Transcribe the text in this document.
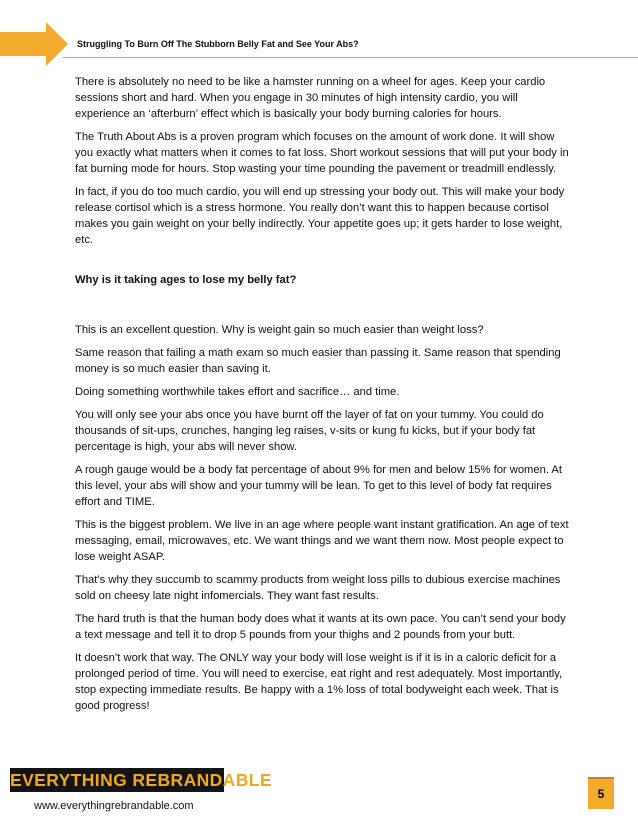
Struggling To Burn Off The Stubborn Belly Fat and See Your Abs?

There is absolutely no need to be like a hamster running on a wheel for ages. Keep your cardio sessions short and hard. When you engage in 30 minutes of high intensity cardio, you will experience an ‘afterburn’ effect which is basically your body burning calories for hours.

The Truth About Abs is a proven program which focuses on the amount of work done. It will show you exactly what matters when it comes to fat loss. Short workout sessions that will put your body in fat burning mode for hours. Stop wasting your time pounding the pavement or treadmill endlessly.

In fact, if you do too much cardio, you will end up stressing your body out. This will make your body release cortisol which is a stress hormone. You really don’t want this to happen because cortisol makes you gain weight on your belly indirectly. Your appetite goes up; it gets harder to lose weight, etc.

Why is it taking ages to lose my belly fat?

This is an excellent question. Why is weight gain so much easier than weight loss?

Same reason that failing a math exam so much easier than passing it. Same reason that spending money is so much easier than saving it.

Doing something worthwhile takes effort and sacrifice… and time.

You will only see your abs once you have burnt off the layer of fat on your tummy. You could do thousands of sit-ups, crunches, hanging leg raises, v-sits or kung fu kicks, but if your body fat percentage is high, your abs will never show.

A rough gauge would be a body fat percentage of about 9% for men and below 15% for women. At this level, your abs will show and your tummy will be lean. To get to this level of body fat requires effort and TIME.

This is the biggest problem. We live in an age where people want instant gratification. An age of text messaging, email, microwaves, etc. We want things and we want them now. Most people expect to lose weight ASAP.

That’s why they succumb to scammy products from weight loss pills to dubious exercise machines sold on cheesy late night infomercials. They want fast results.

The hard truth is that the human body does what it wants at its own pace. You can’t send your body a text message and tell it to drop 5 pounds from your thighs and 2 pounds from your butt.

It doesn’t work that way. The ONLY way your body will lose weight is if it is in a caloric deficit for a prolonged period of time. You will need to exercise, eat right and rest adequately. Most importantly, stop expecting immediate results. Be happy with a 1% loss of total bodyweight each week. That is good progress!

EVERYTHING REBRANDABLE
www.everythingrebrandable.com
5
